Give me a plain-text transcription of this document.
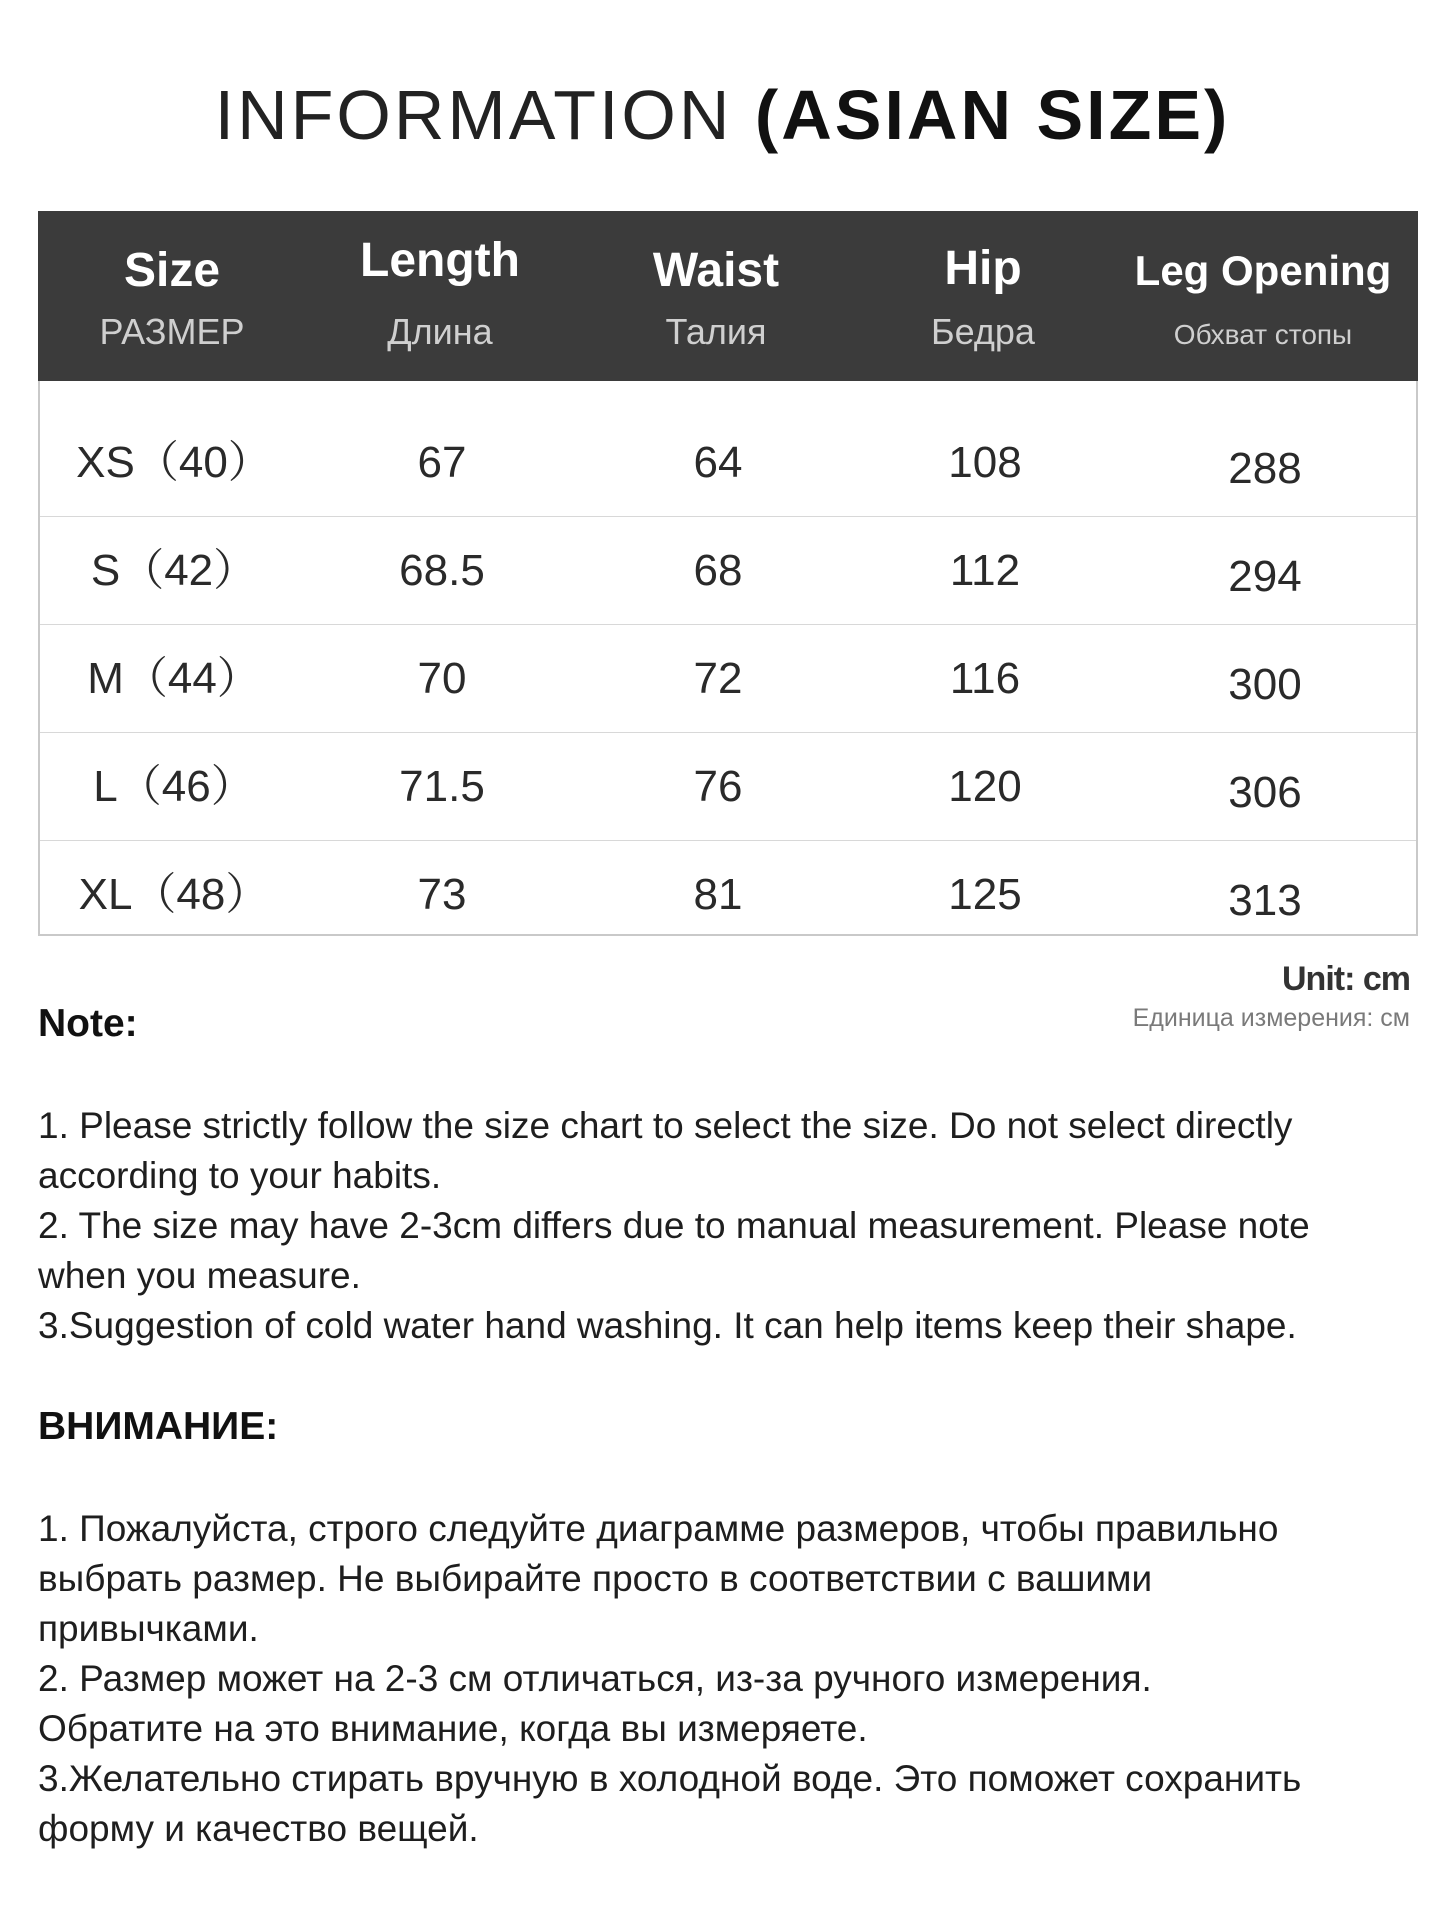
INFORMATION (ASIAN SIZE)
Size
РАЗМЕР
Length
Длина
Waist
Талия
Hip
Бедра
Leg Opening
Обхват стопы
XS（40）	67	64	108	288
S（42）	68.5	68	112	294
M（44）	70	72	116	300
L（46）	71.5	76	120	306
XL（48）	73	81	125	313
Unit: cm
Единица измерения: см
Note:
1. Please strictly follow the size chart to select the size. Do not select directly
according to your habits.
2. The size may have 2-3cm differs due to manual measurement. Please note
when you measure.
3.Suggestion of cold water hand washing. It can help items keep their shape.
ВНИМАНИЕ:
1. Пожалуйста, строго следуйте диаграмме размеров, чтобы правильно
выбрать размер. Не выбирайте просто в соответствии с вашими
привычками.
2. Размер может на 2-3 см отличаться, из-за ручного измерения.
Обратите на это внимание, когда вы измеряете.
3.Желательно стирать вручную в холодной воде. Это поможет сохранить
форму и качество вещей.
